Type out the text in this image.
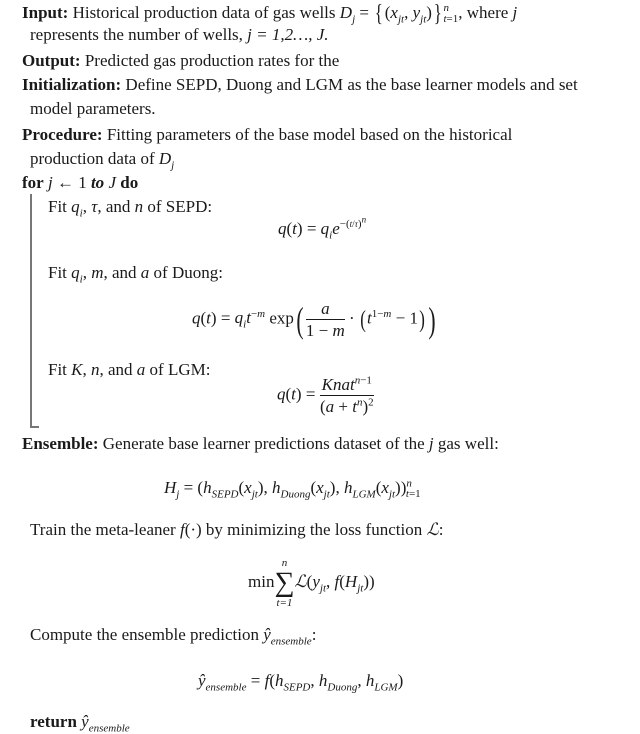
Input: Historical production data of gas wells $D_j$ = { ($x_{jt}$, $y_{jt}$)} n
t=1, where j
represents the number of wells, j = 1,2…, J.
Output: Predicted gas production rates for the
Initialization: Define SEPD, Duong and LGM as the base learner models and set
model parameters.
Procedure: Fitting parameters of the base model based on the historical
production data of $D_j$
for j ← 1 to J do
Fit $q_i$, τ, and n of SEPD:
$q(t) = q_ie^{-(t/\tau)^n}$
Fit $q_i$, m, and a of Duong:
$q(t) = q_it^{-m}$ $\exp( \frac{a}{1 - m} \cdot (t^{1-m} - 1)$ )
Fit K, n, and a of LGM:
$q(t) = \frac{Knat^{n-1}}{(a + t^n)^2}$
Ensemble: Generate base learner predictions dataset of the j gas well:
$H_j = (h_{SEPD}(x_{jt})$, $h_{Duong}(x_{jt})$, $h_{LGM}(x_{jt}))^n_{t=1}$
Train the meta-leaner f(·) by minimizing the loss function ℒ:
min
n
∑
t=1
$ℒ(y_{jt}$, $f(H_{jt})$)
Compute the ensemble prediction $ŷ_{ensemble}$:
$ŷ_{ensemble} = f(h_{SEPD}$, $h_{Duong}$, $h_{LGM}$)
return $ŷ_{ensemble}$
